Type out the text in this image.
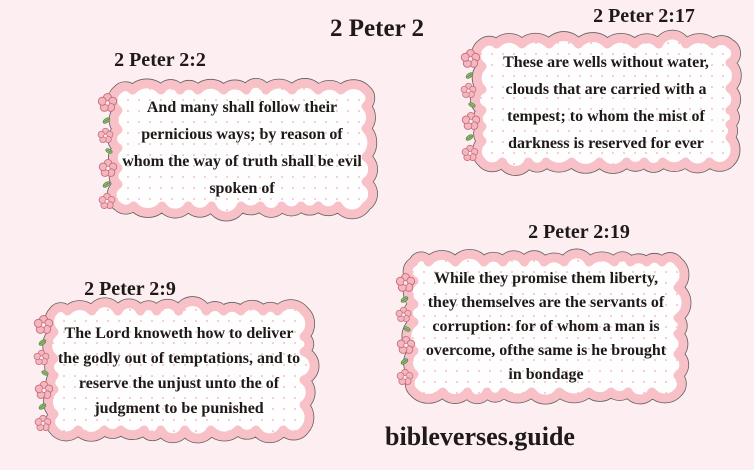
2 Peter 2
2 Peter 2:2
2 Peter 2:17
2 Peter 2:9
2 Peter 2:19
And many shall follow their
pernicious ways; by reason of
whom the way of truth shall be evil
spoken of
These are wells without water,
clouds that are carried with a
tempest; to whom the mist of
darkness is reserved for ever
The Lord knoweth how to deliver
the godly out of temptations, and to
reserve the unjust unto the of
judgment to be punished
While they promise them liberty,
they themselves are the servants of
corruption: for of whom a man is
overcome, ofthe same is he brought
in bondage
bibleverses.guide
